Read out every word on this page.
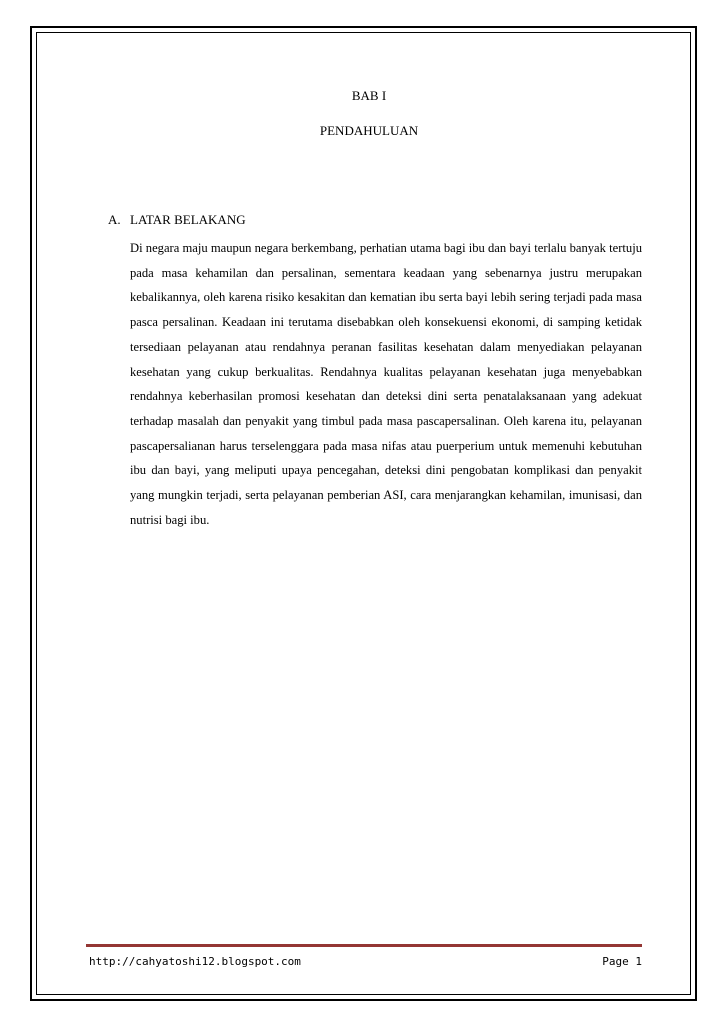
BAB I
PENDAHULUAN
A. LATAR BELAKANG

Di negara maju maupun negara berkembang, perhatian utama bagi ibu dan bayi terlalu banyak tertuju pada masa kehamilan dan persalinan, sementara keadaan yang sebenarnya justru merupakan kebalikannya, oleh karena risiko kesakitan dan kematian ibu serta bayi lebih sering terjadi pada masa pasca persalinan. Keadaan ini terutama disebabkan oleh konsekuensi ekonomi, di samping ketidak tersediaan pelayanan atau rendahnya peranan fasilitas kesehatan dalam menyediakan pelayanan kesehatan yang cukup berkualitas. Rendahnya kualitas pelayanan kesehatan juga menyebabkan rendahnya keberhasilan promosi kesehatan dan deteksi dini serta penatalaksanaan yang adekuat terhadap masalah dan penyakit yang timbul pada masa pascapersalinan. Oleh karena itu, pelayanan pascapersalianan harus terselenggara pada masa nifas atau puerperium untuk memenuhi kebutuhan ibu dan bayi, yang meliputi upaya pencegahan, deteksi dini pengobatan komplikasi dan penyakit yang mungkin terjadi, serta pelayanan pemberian ASI, cara menjarangkan kehamilan, imunisasi, dan nutrisi bagi ibu.

http://cahyatoshi12.blogspot.com	Page 1
